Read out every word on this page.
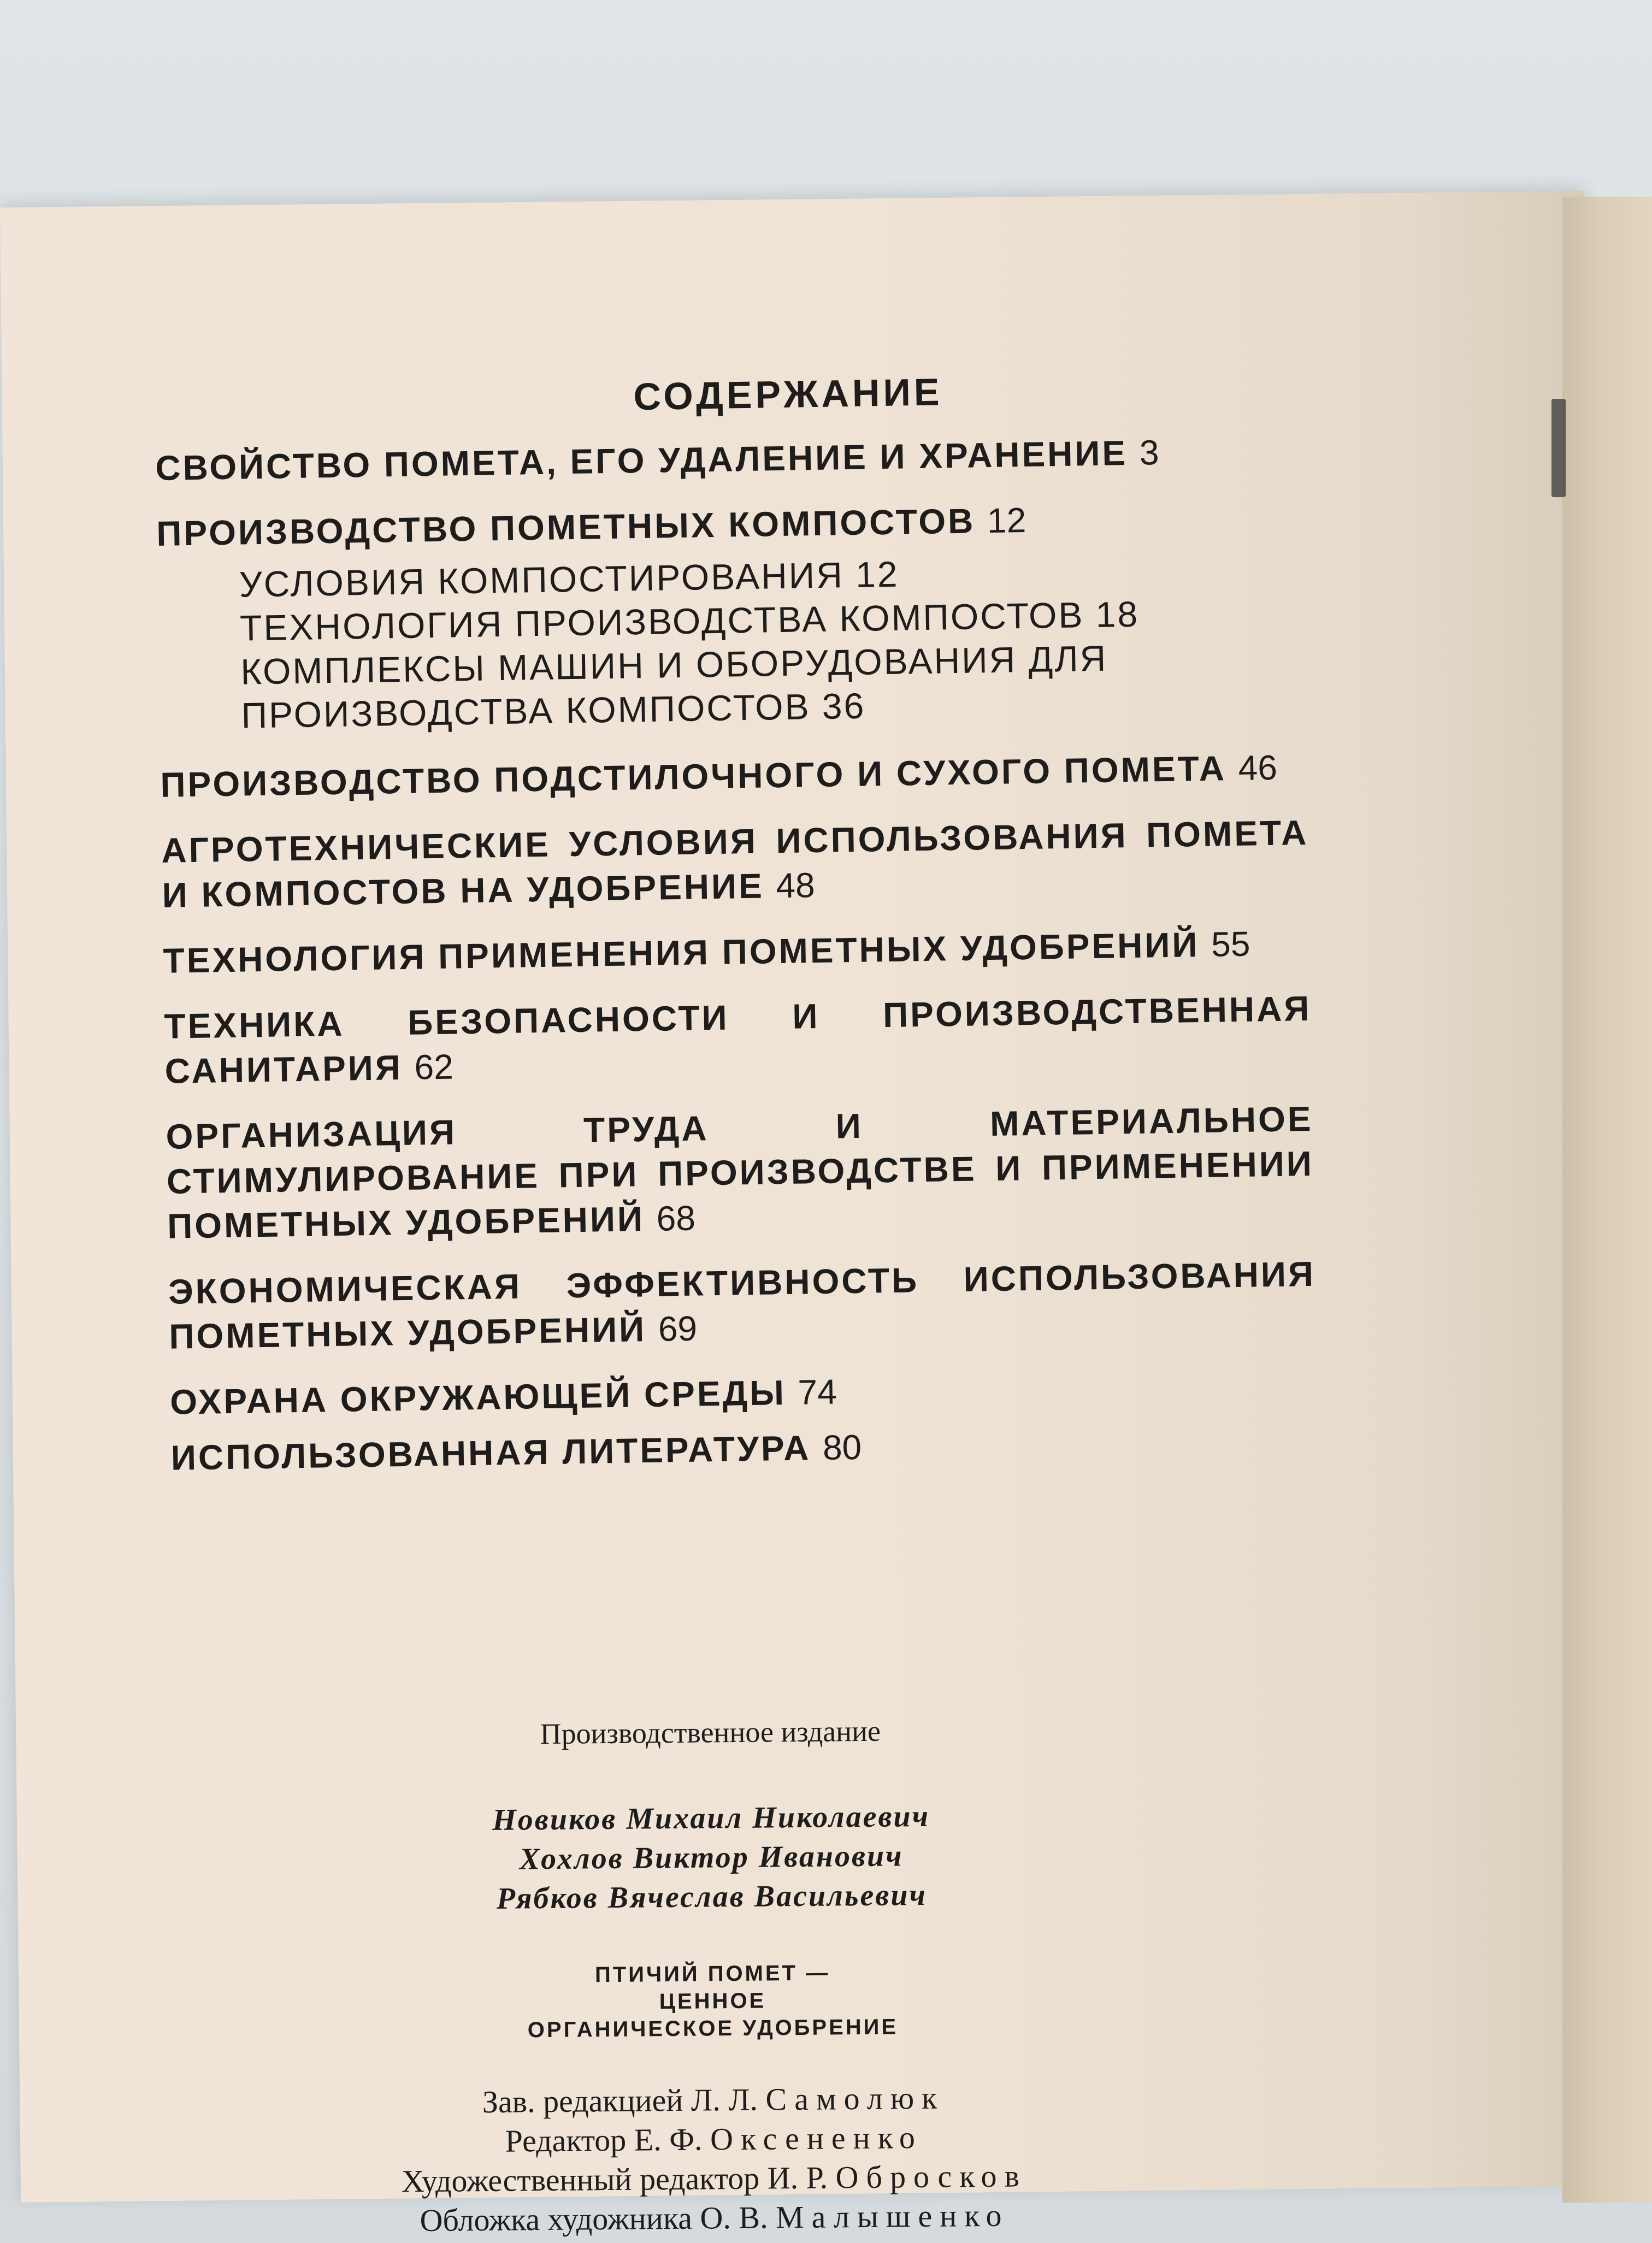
СОДЕРЖАНИЕ
СВОЙСТВО ПОМЕТА, ЕГО УДАЛЕНИЕ И ХРАНЕНИЕ 3
ПРОИЗВОДСТВО ПОМЕТНЫХ КОМПОСТОВ 12
УСЛОВИЯ КОМПОСТИРОВАНИЯ 12
ТЕХНОЛОГИЯ ПРОИЗВОДСТВА КОМПОСТОВ 18
КОМПЛЕКСЫ МАШИН И ОБОРУДОВАНИЯ ДЛЯ ПРОИЗВОДСТВА КОМПОСТОВ 36
ПРОИЗВОДСТВО ПОДСТИЛОЧНОГО И СУХОГО ПОМЕТА 46
АГРОТЕХНИЧЕСКИЕ УСЛОВИЯ ИСПОЛЬЗОВАНИЯ ПОМЕТА И КОМПОСТОВ НА УДОБРЕНИЕ 48
ТЕХНОЛОГИЯ ПРИМЕНЕНИЯ ПОМЕТНЫХ УДОБРЕНИЙ 55
ТЕХНИКА БЕЗОПАСНОСТИ И ПРОИЗВОДСТВЕННАЯ САНИТАРИЯ 62
ОРГАНИЗАЦИЯ ТРУДА И МАТЕРИАЛЬНОЕ СТИМУЛИРОВАНИЕ ПРИ ПРОИЗВОДСТВЕ И ПРИМЕНЕНИИ ПОМЕТНЫХ УДОБРЕНИЙ 68
ЭКОНОМИЧЕСКАЯ ЭФФЕКТИВНОСТЬ ИСПОЛЬЗОВАНИЯ ПОМЕТНЫХ УДОБРЕНИЙ 69
ОХРАНА ОКРУЖАЮЩЕЙ СРЕДЫ 74
ИСПОЛЬЗОВАННАЯ ЛИТЕРАТУРА 80
Производственное издание
Новиков Михаил Николаевич
Хохлов Виктор Иванович
Рябков Вячеслав Васильевич
ПТИЧИЙ ПОМЕТ —
ЦЕННОЕ
ОРГАНИЧЕСКОЕ УДОБРЕНИЕ
Зав. редакцией Л. Л. Самолюк
Редактор Е. Ф. Оксененко
Художественный редактор И. Р. Обросков
Обложка художника О. В. Малышенко
